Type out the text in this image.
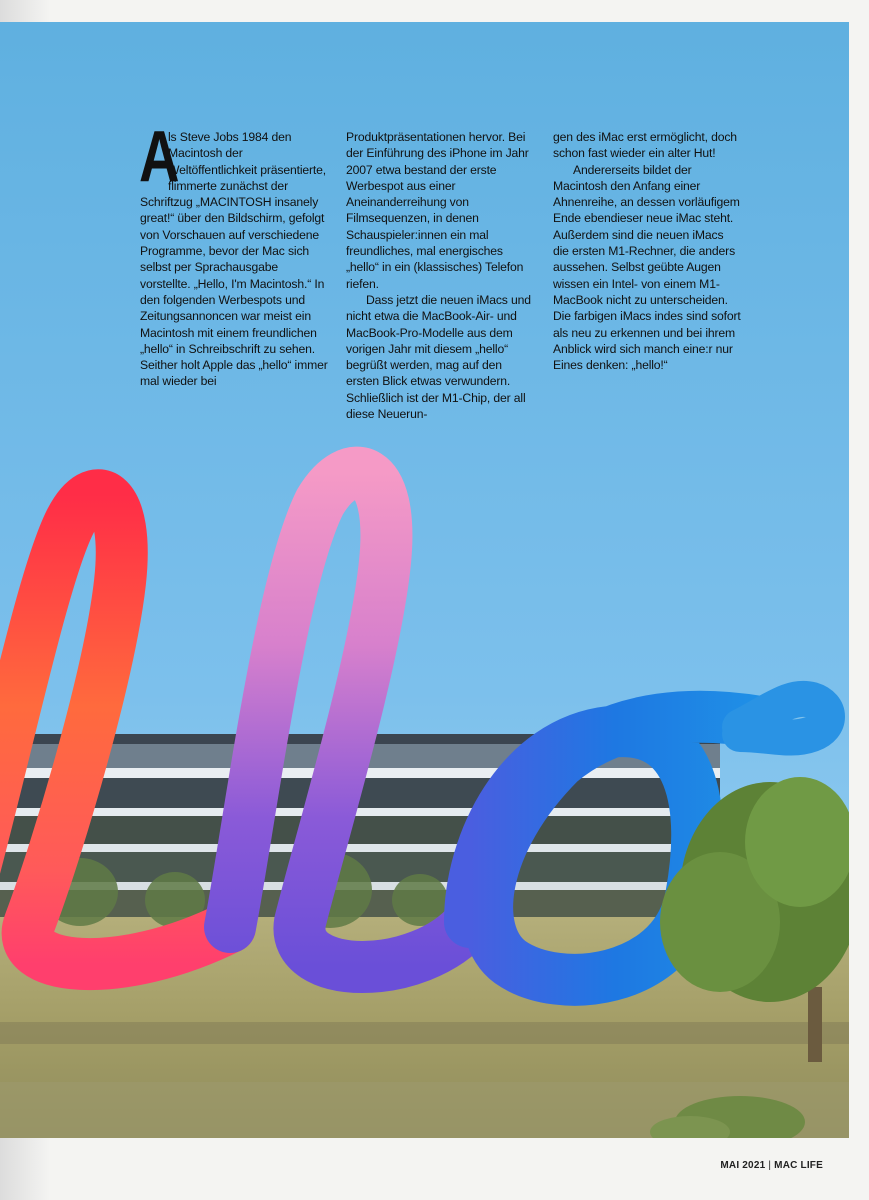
A
ls Steve Jobs 1984 den Macintosh der Weltöffentlichkeit präsentierte, flimmerte zunächst der Schriftzug „MACINTOSH insanely great!“ über den Bildschirm, gefolgt von Vorschauen auf verschiedene Programme, bevor der Mac sich selbst per Sprachausgabe vorstellte. „Hello, I'm Macintosh.“ In den folgenden Werbespots und Zeitungsannoncen war meist ein Macintosh mit einem freundlichen „hello“ in Schreibschrift zu sehen. Seither holt Apple das „hello“ immer mal wieder bei

Produktpräsentationen hervor. Bei der Einführung des iPhone im Jahr 2007 etwa bestand der erste Werbespot aus einer Aneinanderreihung von Filmsequenzen, in denen Schauspieler:innen ein mal freundliches, mal energisches „hello“ in ein (klassisches) Telefon riefen.

Dass jetzt die neuen iMacs und nicht etwa die MacBook-Air- und MacBook-Pro-Modelle aus dem vorigen Jahr mit diesem „hello“ begrüßt werden, mag auf den ersten Blick etwas verwundern. Schließlich ist der M1-Chip, der all diese Neuerun-

gen des iMac erst ermöglicht, doch schon fast wieder ein alter Hut!

Andererseits bildet der Macintosh den Anfang einer Ahnenreihe, an dessen vorläufigem Ende ebendieser neue iMac steht. Außerdem sind die neuen iMacs die ersten M1-Rechner, die anders aussehen. Selbst geübte Augen wissen ein Intel- von einem M1-MacBook nicht zu unterscheiden. Die farbigen iMacs indes sind sofort als neu zu erkennen und bei ihrem Anblick wird sich manch eine:r nur Eines denken: „hello!“

MAI 2021 | MAC LIFE
